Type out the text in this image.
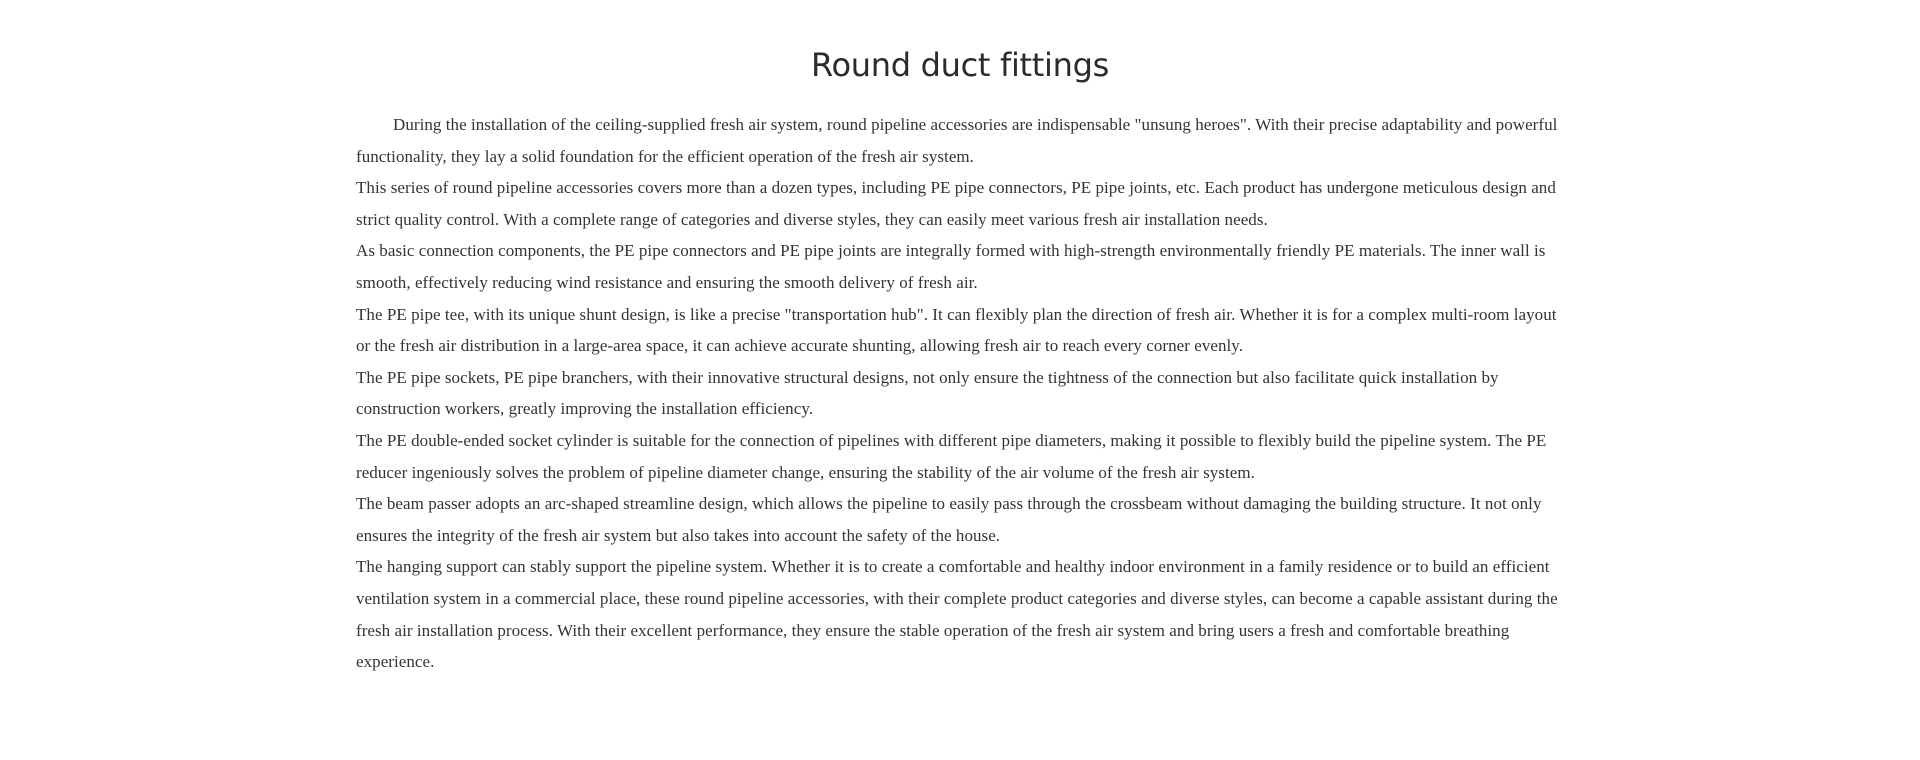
Round duct fittings

During the installation of the ceiling-supplied fresh air system, round pipeline accessories are indispensable "unsung heroes". With their precise adaptability and powerful functionality, they lay a solid foundation for the efficient operation of the fresh air system.

This series of round pipeline accessories covers more than a dozen types, including PE pipe connectors, PE pipe joints, etc. Each product has undergone meticulous design and strict quality control. With a complete range of categories and diverse styles, they can easily meet various fresh air installation needs.

As basic connection components, the PE pipe connectors and PE pipe joints are integrally formed with high-strength environmentally friendly PE materials. The inner wall is smooth, effectively reducing wind resistance and ensuring the smooth delivery of fresh air.

The PE pipe tee, with its unique shunt design, is like a precise "transportation hub". It can flexibly plan the direction of fresh air. Whether it is for a complex multi-room layout or the fresh air distribution in a large-area space, it can achieve accurate shunting, allowing fresh air to reach every corner evenly.

The PE pipe sockets, PE pipe branchers, with their innovative structural designs, not only ensure the tightness of the connection but also facilitate quick installation by construction workers, greatly improving the installation efficiency.

The PE double-ended socket cylinder is suitable for the connection of pipelines with different pipe diameters, making it possible to flexibly build the pipeline system. The PE reducer ingeniously solves the problem of pipeline diameter change, ensuring the stability of the air volume of the fresh air system.

The beam passer adopts an arc-shaped streamline design, which allows the pipeline to easily pass through the crossbeam without damaging the building structure. It not only ensures the integrity of the fresh air system but also takes into account the safety of the house.

The hanging support can stably support the pipeline system. Whether it is to create a comfortable and healthy indoor environment in a family residence or to build an efficient ventilation system in a commercial place, these round pipeline accessories, with their complete product categories and diverse styles, can become a capable assistant during the fresh air installation process. With their excellent performance, they ensure the stable operation of the fresh air system and bring users a fresh and comfortable breathing experience.
